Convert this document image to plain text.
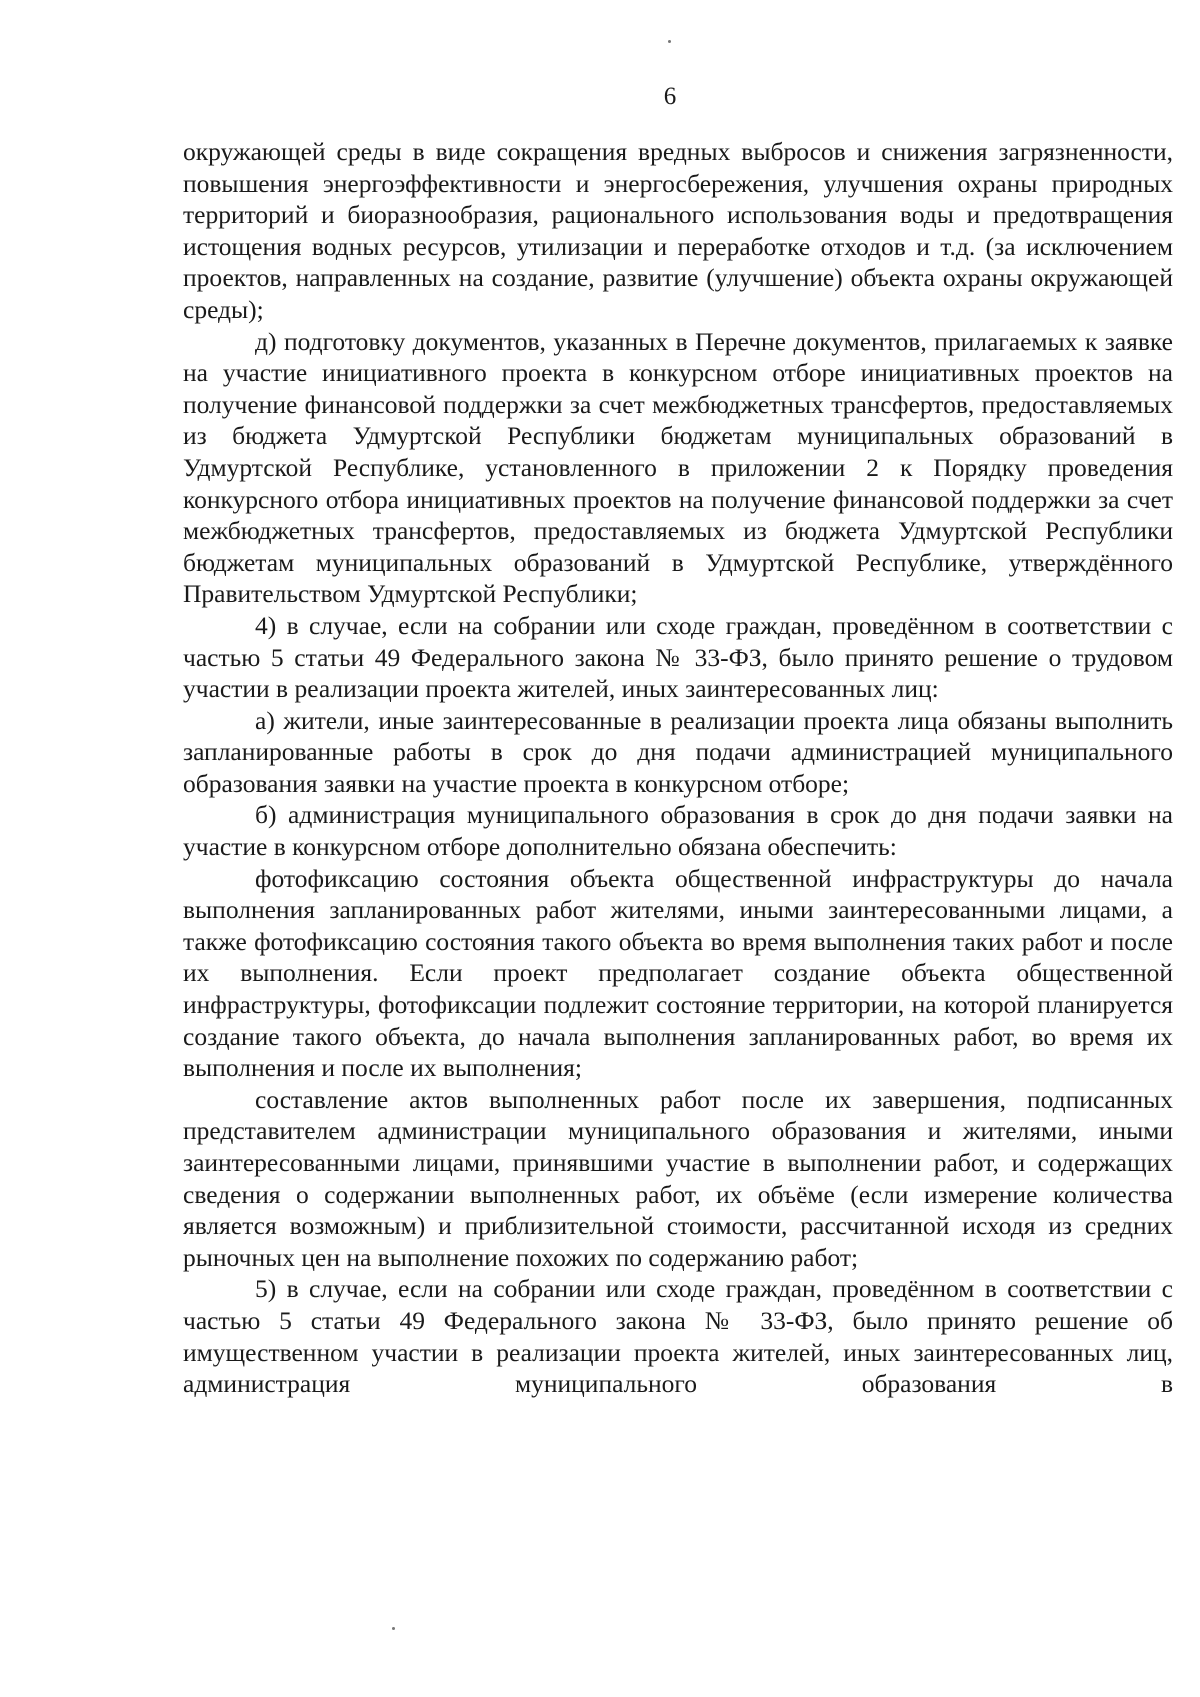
6

окружающей среды в виде сокращения вредных выбросов и снижения загрязненности, повышения энергоэффективности и энергосбережения, улучшения охраны природных территорий и биоразнообразия, рационального использования воды и предотвращения истощения водных ресурсов, утилизации и переработке отходов и т.д. (за исключением проектов, направленных на создание, развитие (улучшение) объекта охраны окружающей среды);

д) подготовку документов, указанных в Перечне документов, прилагаемых к заявке на участие инициативного проекта в конкурсном отборе инициативных проектов на получение финансовой поддержки за счет межбюджетных трансфертов, предоставляемых из бюджета Удмуртской Республики бюджетам муниципальных образований в Удмуртской Республике, установленного в приложении 2 к Порядку проведения конкурсного отбора инициативных проектов на получение финансовой поддержки за счет межбюджетных трансфертов, предоставляемых из бюджета Удмуртской Республики бюджетам муниципальных образований в Удмуртской Республике, утверждённого Правительством Удмуртской Республики;

4) в случае, если на собрании или сходе граждан, проведённом в соответствии с частью 5 статьи 49 Федерального закона № 33-ФЗ, было принято решение о трудовом участии в реализации проекта жителей, иных заинтересованных лиц:

а) жители, иные заинтересованные в реализации проекта лица обязаны выполнить запланированные работы в срок до дня подачи администрацией муниципального образования заявки на участие проекта в конкурсном отборе;

б) администрация муниципального образования в срок до дня подачи заявки на участие в конкурсном отборе дополнительно обязана обеспечить:

фотофиксацию состояния объекта общественной инфраструктуры до начала выполнения запланированных работ жителями, иными заинтересованными лицами, а также фотофиксацию состояния такого объекта во время выполнения таких работ и после их выполнения. Если проект предполагает создание объекта общественной инфраструктуры, фотофиксации подлежит состояние территории, на которой планируется создание такого объекта, до начала выполнения запланированных работ, во время их выполнения и после их выполнения;

составление актов выполненных работ после их завершения, подписанных представителем администрации муниципального образования и жителями, иными заинтересованными лицами, принявшими участие в выполнении работ, и содержащих сведения о содержании выполненных работ, их объёме (если измерение количества является возможным) и приблизительной стоимости, рассчитанной исходя из средних рыночных цен на выполнение похожих по содержанию работ;

5) в случае, если на собрании или сходе граждан, проведённом в соответствии с частью 5 статьи 49 Федерального закона № 33-ФЗ, было принято решение об имущественном участии в реализации проекта жителей, иных заинтересованных лиц, администрация муниципального образования в
